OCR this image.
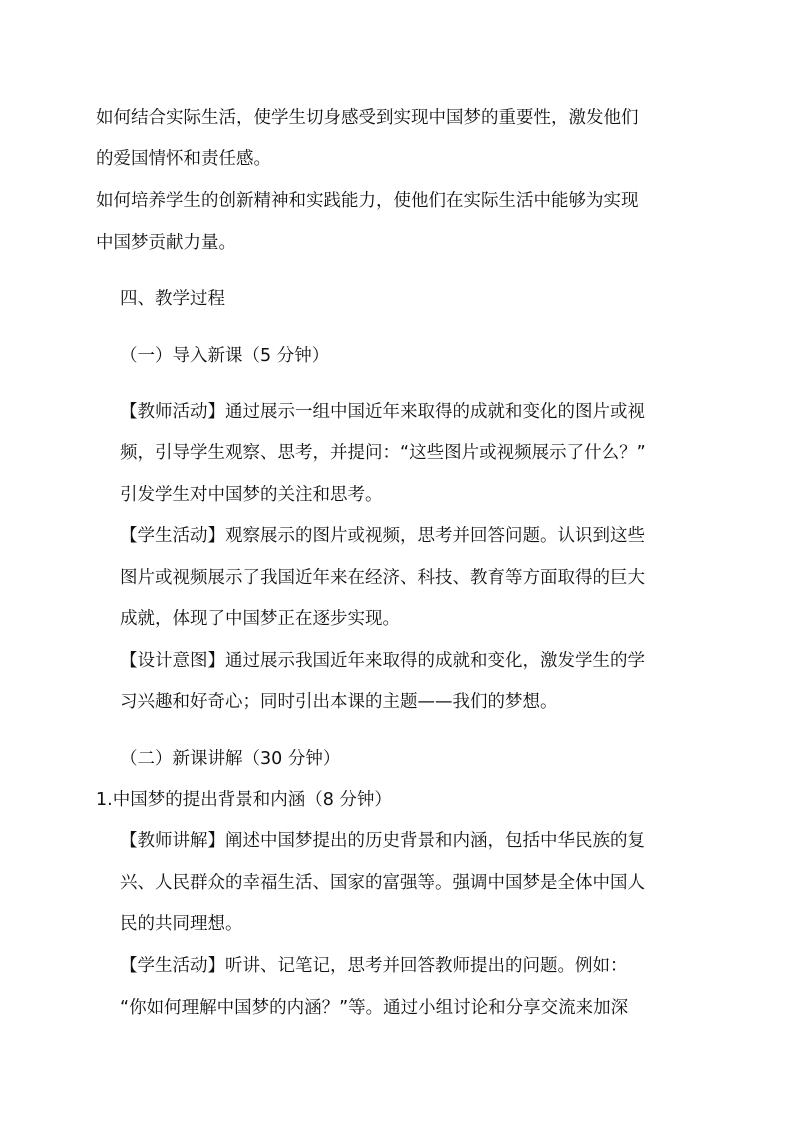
如何结合实际生活，使学生切身感受到实现中国梦的重要性，激发他们

的爱国情怀和责任感。

如何培养学生的创新精神和实践能力，使他们在实际生活中能够为实现

中国梦贡献力量。

四、教学过程

（一）导入新课（5 分钟）

【教师活动】通过展示一组中国近年来取得的成就和变化的图片或视

频，引导学生观察、思考，并提问：“这些图片或视频展示了什么？”

引发学生对中国梦的关注和思考。

【学生活动】观察展示的图片或视频，思考并回答问题。认识到这些

图片或视频展示了我国近年来在经济、科技、教育等方面取得的巨大

成就，体现了中国梦正在逐步实现。

【设计意图】通过展示我国近年来取得的成就和变化，激发学生的学

习兴趣和好奇心；同时引出本课的主题——我们的梦想。

（二）新课讲解（30 分钟）

1.中国梦的提出背景和内涵（8 分钟）

【教师讲解】阐述中国梦提出的历史背景和内涵，包括中华民族的复

兴、人民群众的幸福生活、国家的富强等。强调中国梦是全体中国人

民的共同理想。

【学生活动】听讲、记笔记，思考并回答教师提出的问题。例如：

“你如何理解中国梦的内涵？”等。通过小组讨论和分享交流来加深
